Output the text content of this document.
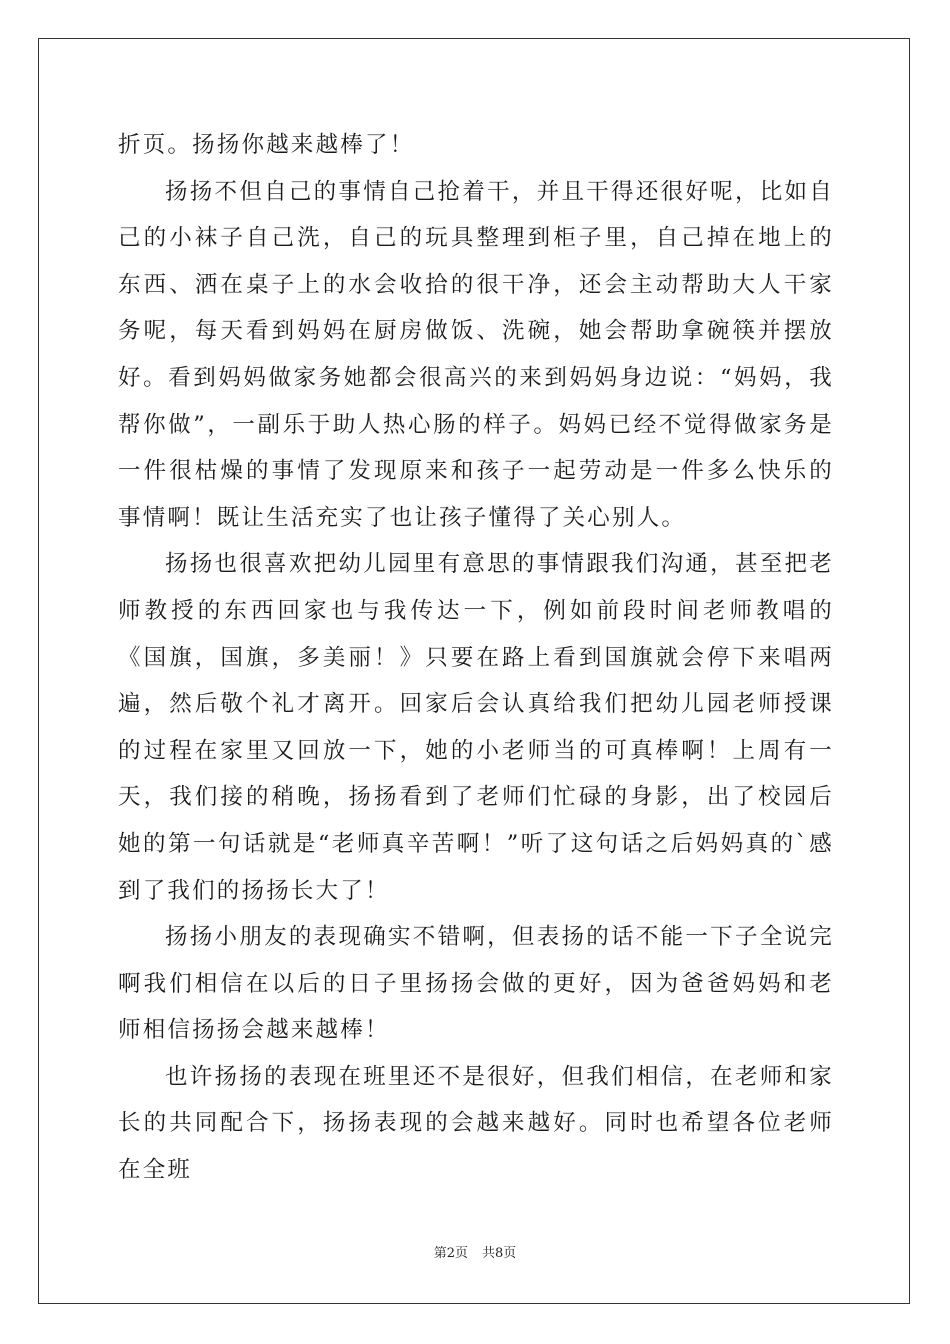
折页。扬扬你越来越棒了！

扬扬不但自己的事情自己抢着干，并且干得还很好呢，比如自己的小袜子自己洗，自己的玩具整理到柜子里，自己掉在地上的东西、洒在桌子上的水会收拾的很干净，还会主动帮助大人干家务呢，每天看到妈妈在厨房做饭、洗碗，她会帮助拿碗筷并摆放好。看到妈妈做家务她都会很高兴的来到妈妈身边说：“妈妈，我帮你做”，一副乐于助人热心肠的样子。妈妈已经不觉得做家务是一件很枯燥的事情了发现原来和孩子一起劳动是一件多么快乐的事情啊！既让生活充实了也让孩子懂得了关心别人。

扬扬也很喜欢把幼儿园里有意思的事情跟我们沟通，甚至把老师教授的东西回家也与我传达一下，例如前段时间老师教唱的《国旗，国旗，多美丽！》只要在路上看到国旗就会停下来唱两遍，然后敬个礼才离开。回家后会认真给我们把幼儿园老师授课的过程在家里又回放一下，她的小老师当的可真棒啊！上周有一天，我们接的稍晚，扬扬看到了老师们忙碌的身影，出了校园后她的第一句话就是“老师真辛苦啊！”听了这句话之后妈妈真的`感到了我们的扬扬长大了！

扬扬小朋友的表现确实不错啊，但表扬的话不能一下子全说完啊我们相信在以后的日子里扬扬会做的更好，因为爸爸妈妈和老师相信扬扬会越来越棒！

也许扬扬的表现在班里还不是很好，但我们相信，在老师和家长的共同配合下，扬扬表现的会越来越好。同时也希望各位老师在全班

第2页 共8页
